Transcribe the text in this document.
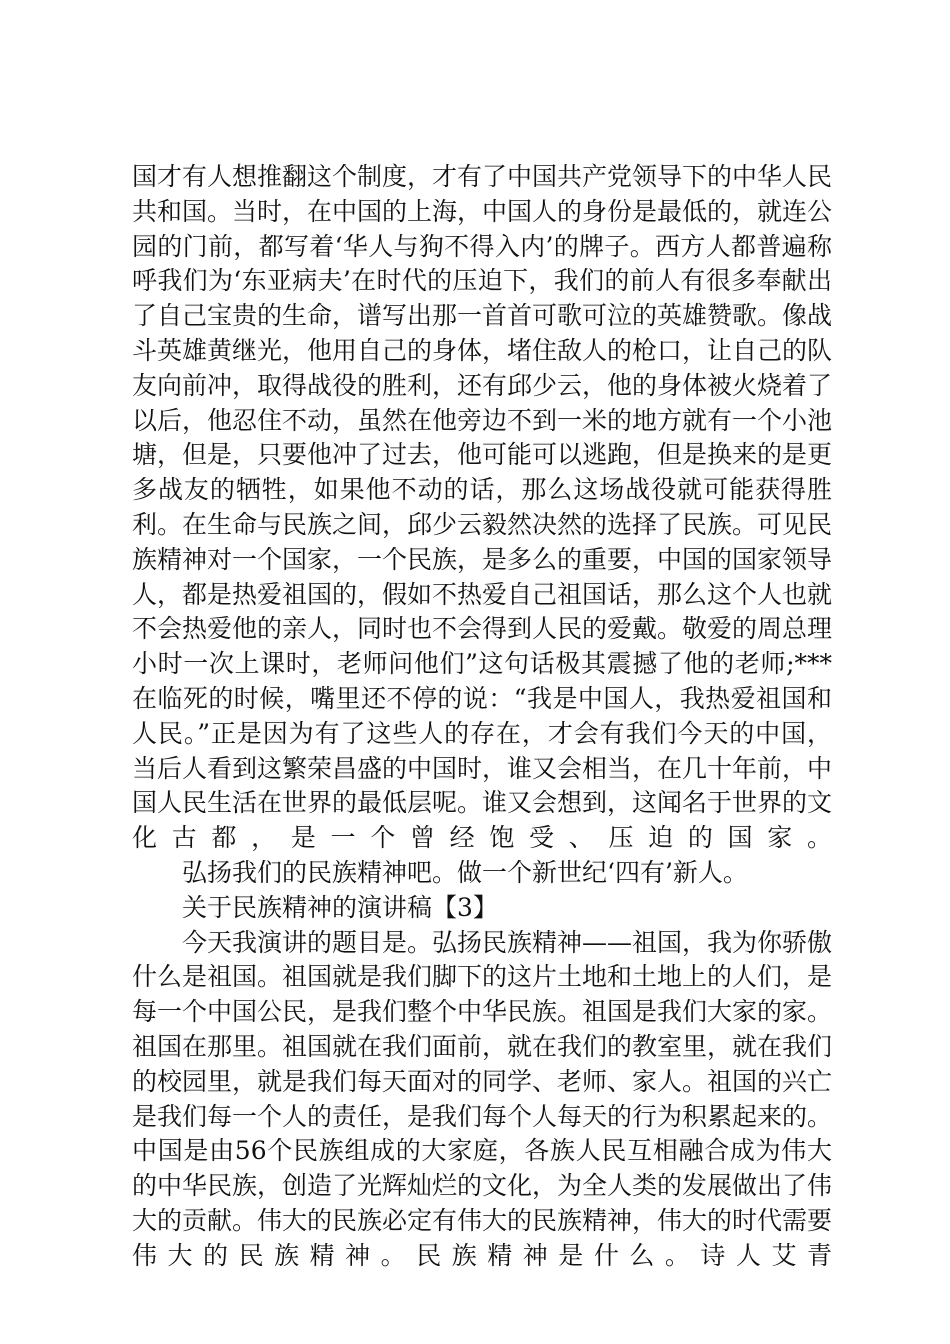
国才有人想推翻这个制度，才有了中国共产党领导下的中华人民共和国。当时，在中国的上海，中国人的身份是最低的，就连公园的门前，都写着‘华人与狗不得入内’的牌子。西方人都普遍称呼我们为‘东亚病夫’在时代的压迫下，我们的前人有很多奉献出了自己宝贵的生命，谱写出那一首首可歌可泣的英雄赞歌。像战斗英雄黄继光，他用自己的身体，堵住敌人的枪口，让自己的队友向前冲，取得战役的胜利，还有邱少云，他的身体被火烧着了以后，他忍住不动，虽然在他旁边不到一米的地方就有一个小池塘，但是，只要他冲了过去，他可能可以逃跑，但是换来的是更多战友的牺牲，如果他不动的话，那么这场战役就可能获得胜利。在生命与民族之间，邱少云毅然决然的选择了民族。可见民族精神对一个国家，一个民族，是多么的重要，中国的国家领导人，都是热爱祖国的，假如不热爱自己祖国话，那么这个人也就不会热爱他的亲人，同时也不会得到人民的爱戴。敬爱的周总理小时一次上课时，老师问他们”这句话极其震撼了他的老师;***在临死的时候，嘴里还不停的说：“我是中国人，我热爱祖国和人民。”正是因为有了这些人的存在，才会有我们今天的中国，当后人看到这繁荣昌盛的中国时，谁又会相当，在几十年前，中国人民生活在世界的最低层呢。谁又会想到，这闻名于世界的文化古都，是一个曾经饱受、压迫的国家。

弘扬我们的民族精神吧。做一个新世纪‘四有’新人。

关于民族精神的演讲稿【3】

今天我演讲的题目是。弘扬民族精神——祖国，我为你骄傲什么是祖国。祖国就是我们脚下的这片土地和土地上的人们，是每一个中国公民，是我们整个中华民族。祖国是我们大家的家。祖国在那里。祖国就在我们面前，就在我们的教室里，就在我们的校园里，就是我们每天面对的同学、老师、家人。祖国的兴亡是我们每一个人的责任，是我们每个人每天的行为积累起来的。中国是由56个民族组成的大家庭，各族人民互相融合成为伟大的中华民族，创造了光辉灿烂的文化，为全人类的发展做出了伟大的贡献。伟大的民族必定有伟大的民族精神，伟大的时代需要伟大的民族精神。民族精神是什么。诗人艾青
